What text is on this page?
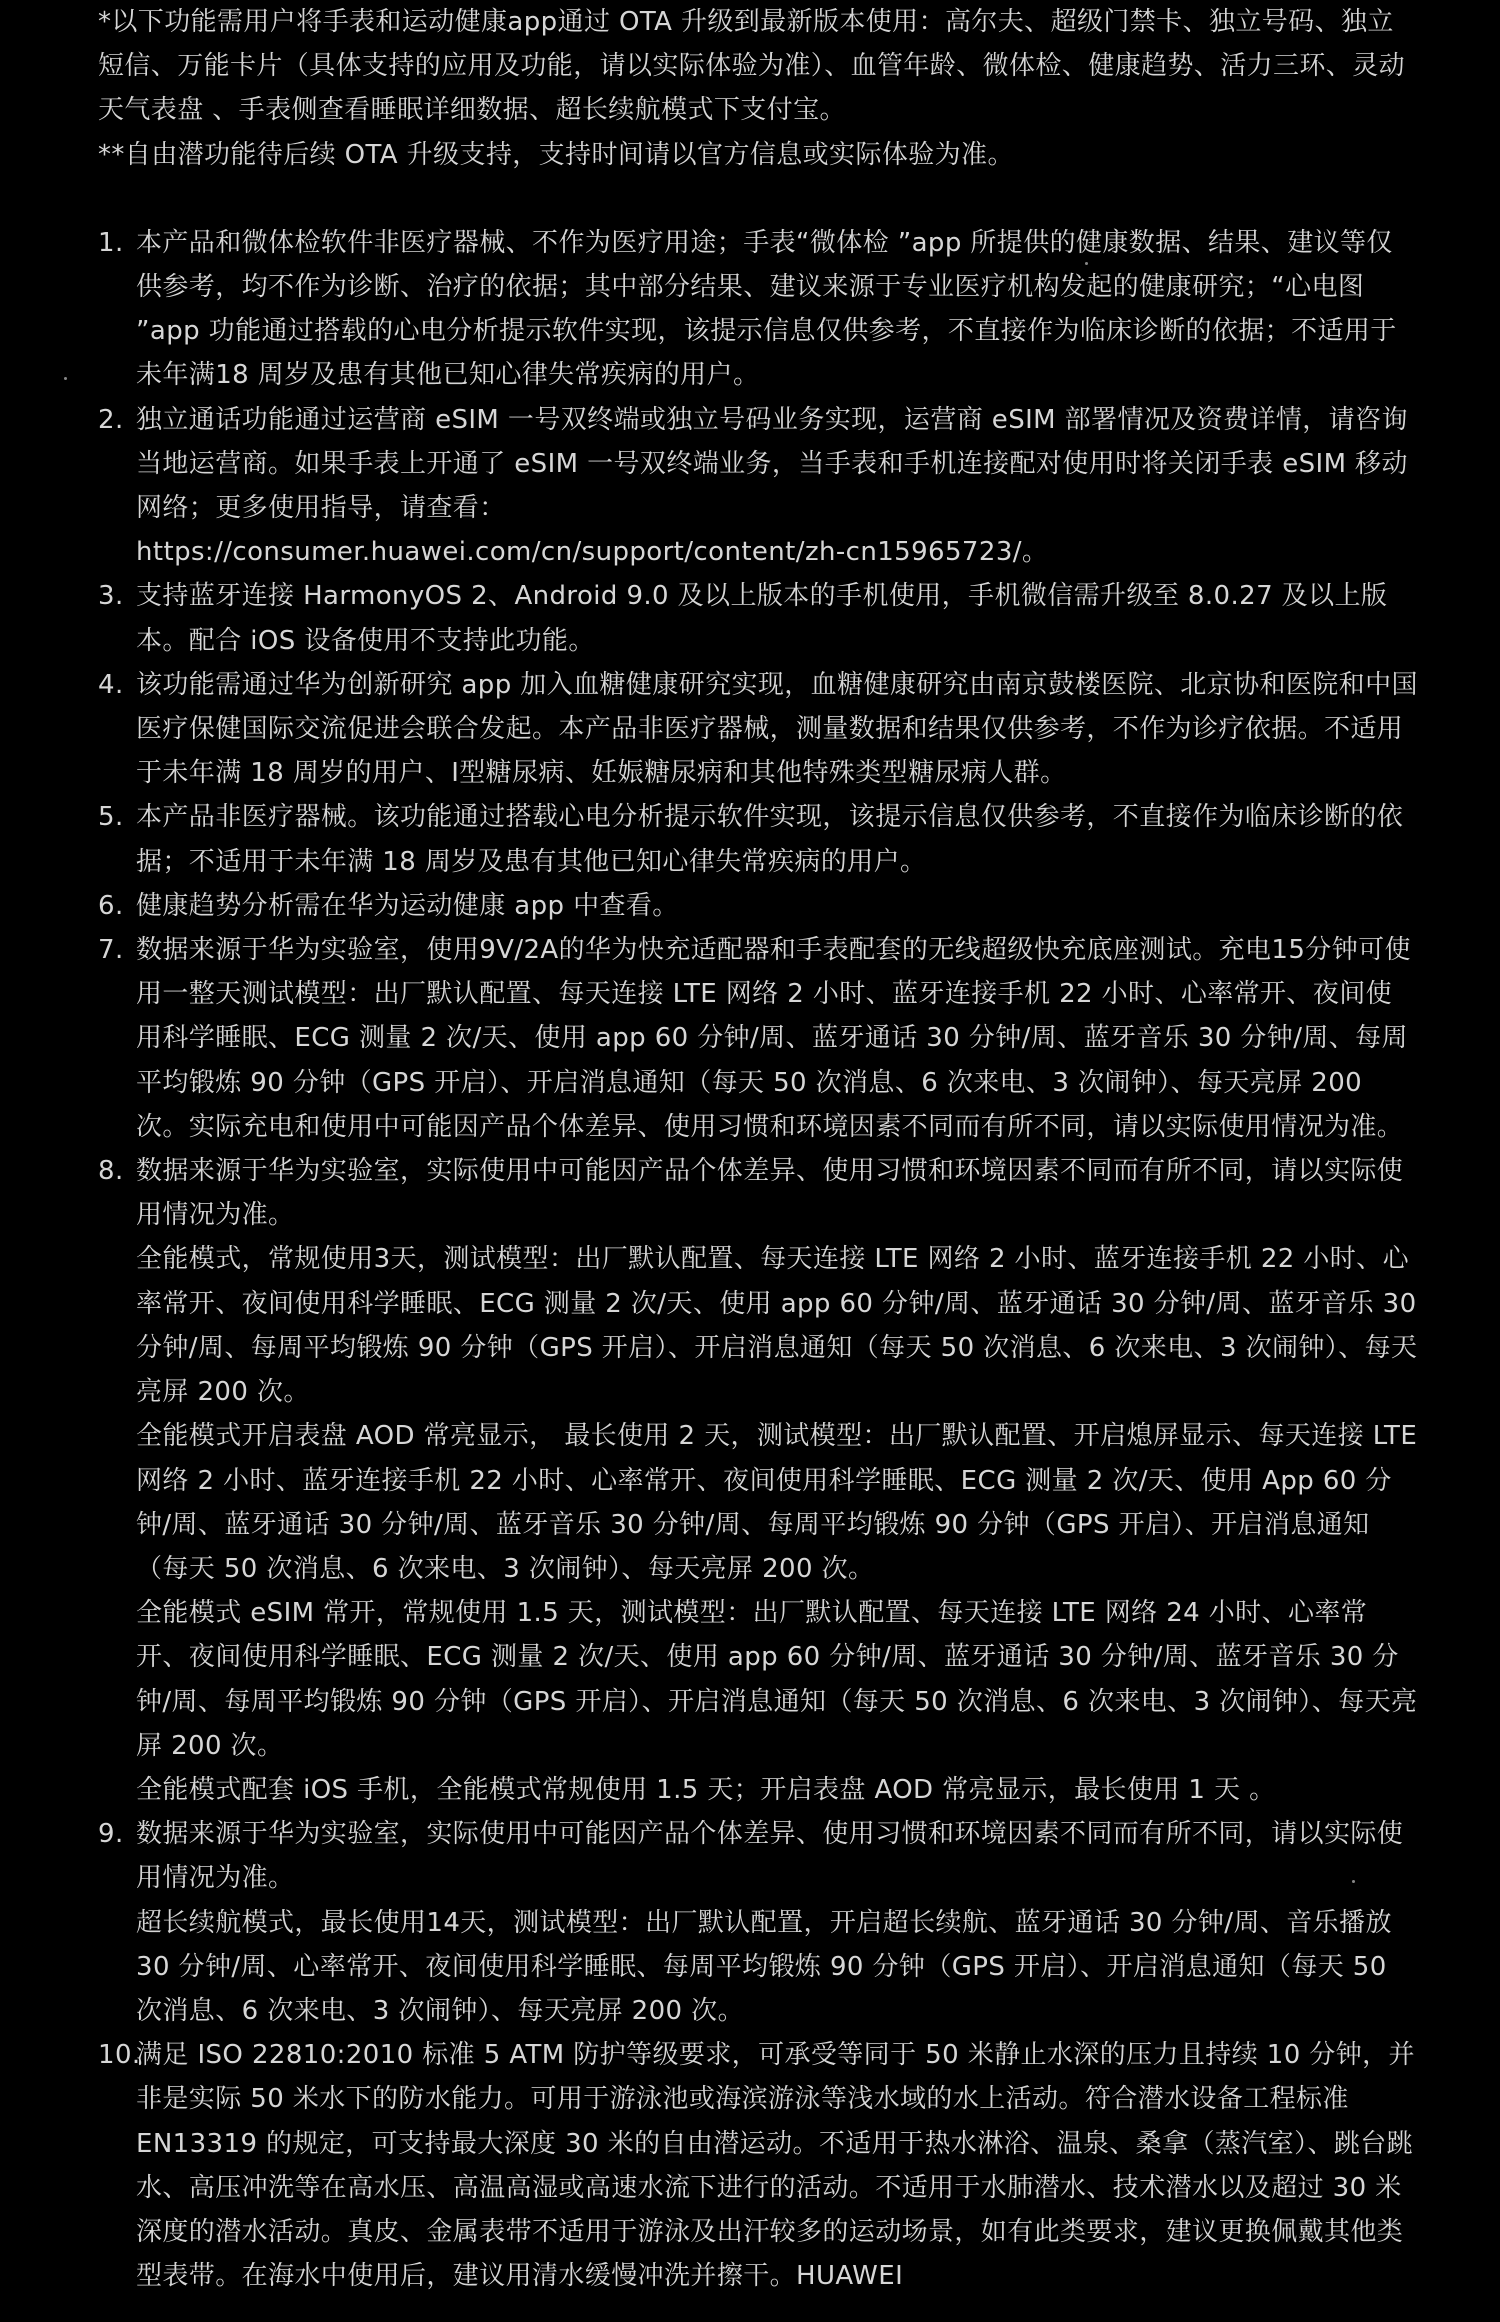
*以下功能需用户将手表和运动健康app通过 OTA 升级到最新版本使用：高尔夫、超级门禁卡、独立号码、独立短信、万能卡片（具体支持的应用及功能，请以实际体验为准）、血管年龄、微体检、健康趋势、活力三环、灵动天气表盘 、手表侧查看睡眠详细数据、超长续航模式下支付宝。

**自由潜功能待后续 OTA 升级支持，支持时间请以官方信息或实际体验为准。

1. 本产品和微体检软件非医疗器械、不作为医疗用途；手表“微体检 ”app 所提供的健康数据、结果、建议等仅供参考，均不作为诊断、治疗的依据；其中部分结果、建议来源于专业医疗机构发起的健康研究；“心电图 ”app 功能通过搭载的心电分析提示软件实现，该提示信息仅供参考，不直接作为临床诊断的依据；不适用于未年满18 周岁及患有其他已知心律失常疾病的用户。

2. 独立通话功能通过运营商 eSIM 一号双终端或独立号码业务实现，运营商 eSIM 部署情况及资费详情，请咨询当地运营商。如果手表上开通了 eSIM 一号双终端业务，当手表和手机连接配对使用时将关闭手表 eSIM 移动网络；更多使用指导，请查看：

https://consumer.huawei.com/cn/support/content/zh-cn15965723/。

3. 支持蓝牙连接 HarmonyOS 2、Android 9.0 及以上版本的手机使用，手机微信需升级至 8.0.27 及以上版本。配合 iOS 设备使用不支持此功能。

4. 该功能需通过华为创新研究 app 加入血糖健康研究实现，血糖健康研究由南京鼓楼医院、北京协和医院和中国医疗保健国际交流促进会联合发起。本产品非医疗器械，测量数据和结果仅供参考，不作为诊疗依据。不适用于未年满 18 周岁的用户、I型糖尿病、妊娠糖尿病和其他特殊类型糖尿病人群。

5. 本产品非医疗器械。该功能通过搭载心电分析提示软件实现，该提示信息仅供参考，不直接作为临床诊断的依据；不适用于未年满 18 周岁及患有其他已知心律失常疾病的用户。

6. 健康趋势分析需在华为运动健康 app 中查看。

7. 数据来源于华为实验室，使用9V/2A的华为快充适配器和手表配套的无线超级快充底座测试。充电15分钟可使用一整天测试模型：出厂默认配置、每天连接 LTE 网络 2 小时、蓝牙连接手机 22 小时、心率常开、夜间使用科学睡眠、ECG 测量 2 次/天、使用 app 60 分钟/周、蓝牙通话 30 分钟/周、蓝牙音乐 30 分钟/周、每周平均锻炼 90 分钟（GPS 开启）、开启消息通知（每天 50 次消息、6 次来电、3 次闹钟）、每天亮屏 200 次。实际充电和使用中可能因产品个体差异、使用习惯和环境因素不同而有所不同，请以实际使用情况为准。

8. 数据来源于华为实验室，实际使用中可能因产品个体差异、使用习惯和环境因素不同而有所不同，请以实际使用情况为准。

全能模式，常规使用3天，测试模型：出厂默认配置、每天连接 LTE 网络 2 小时、蓝牙连接手机 22 小时、心率常开、夜间使用科学睡眠、ECG 测量 2 次/天、使用 app 60 分钟/周、蓝牙通话 30 分钟/周、蓝牙音乐 30 分钟/周、每周平均锻炼 90 分钟（GPS 开启）、开启消息通知（每天 50 次消息、6 次来电、3 次闹钟）、每天亮屏 200 次。

全能模式开启表盘 AOD 常亮显示， 最长使用 2 天，测试模型：出厂默认配置、开启熄屏显示、每天连接 LTE 网络 2 小时、蓝牙连接手机 22 小时、心率常开、夜间使用科学睡眠、ECG 测量 2 次/天、使用 App 60 分钟/周、蓝牙通话 30 分钟/周、蓝牙音乐 30 分钟/周、每周平均锻炼 90 分钟（GPS 开启）、开启消息通知（每天 50 次消息、6 次来电、3 次闹钟）、每天亮屏 200 次。

全能模式 eSIM 常开，常规使用 1.5 天，测试模型：出厂默认配置、每天连接 LTE 网络 24 小时、心率常开、夜间使用科学睡眠、ECG 测量 2 次/天、使用 app 60 分钟/周、蓝牙通话 30 分钟/周、蓝牙音乐 30 分钟/周、每周平均锻炼 90 分钟（GPS 开启）、开启消息通知（每天 50 次消息、6 次来电、3 次闹钟）、每天亮屏 200 次。

全能模式配套 iOS 手机，全能模式常规使用 1.5 天；开启表盘 AOD 常亮显示，最长使用 1 天 。

9. 数据来源于华为实验室，实际使用中可能因产品个体差异、使用习惯和环境因素不同而有所不同，请以实际使用情况为准。

超长续航模式，最长使用14天，测试模型：出厂默认配置，开启超长续航、蓝牙通话 30 分钟/周、音乐播放 30 分钟/周、心率常开、夜间使用科学睡眠、每周平均锻炼 90 分钟（GPS 开启）、开启消息通知（每天 50 次消息、6 次来电、3 次闹钟）、每天亮屏 200 次。

10.

满足 ISO 22810:2010 标准 5 ATM 防护等级要求，可承受等同于 50 米静止水深的压力且持续 10 分钟，并非是实际 50 米水下的防水能力。可用于游泳池或海滨游泳等浅水域的水上活动。符合潜水设备工程标准 EN13319 的规定，可支持最大深度 30 米的自由潜运动。不适用于热水淋浴、温泉、桑拿（蒸汽室）、跳台跳水、高压冲洗等在高水压、高温高湿或高速水流下进行的活动。不适用于水肺潜水、技术潜水以及超过 30 米深度的潜水活动。真皮、金属表带不适用于游泳及出汗较多的运动场景，如有此类要求，建议更换佩戴其他类型表带。在海水中使用后，建议用清水缓慢冲洗并擦干。HUAWEI
